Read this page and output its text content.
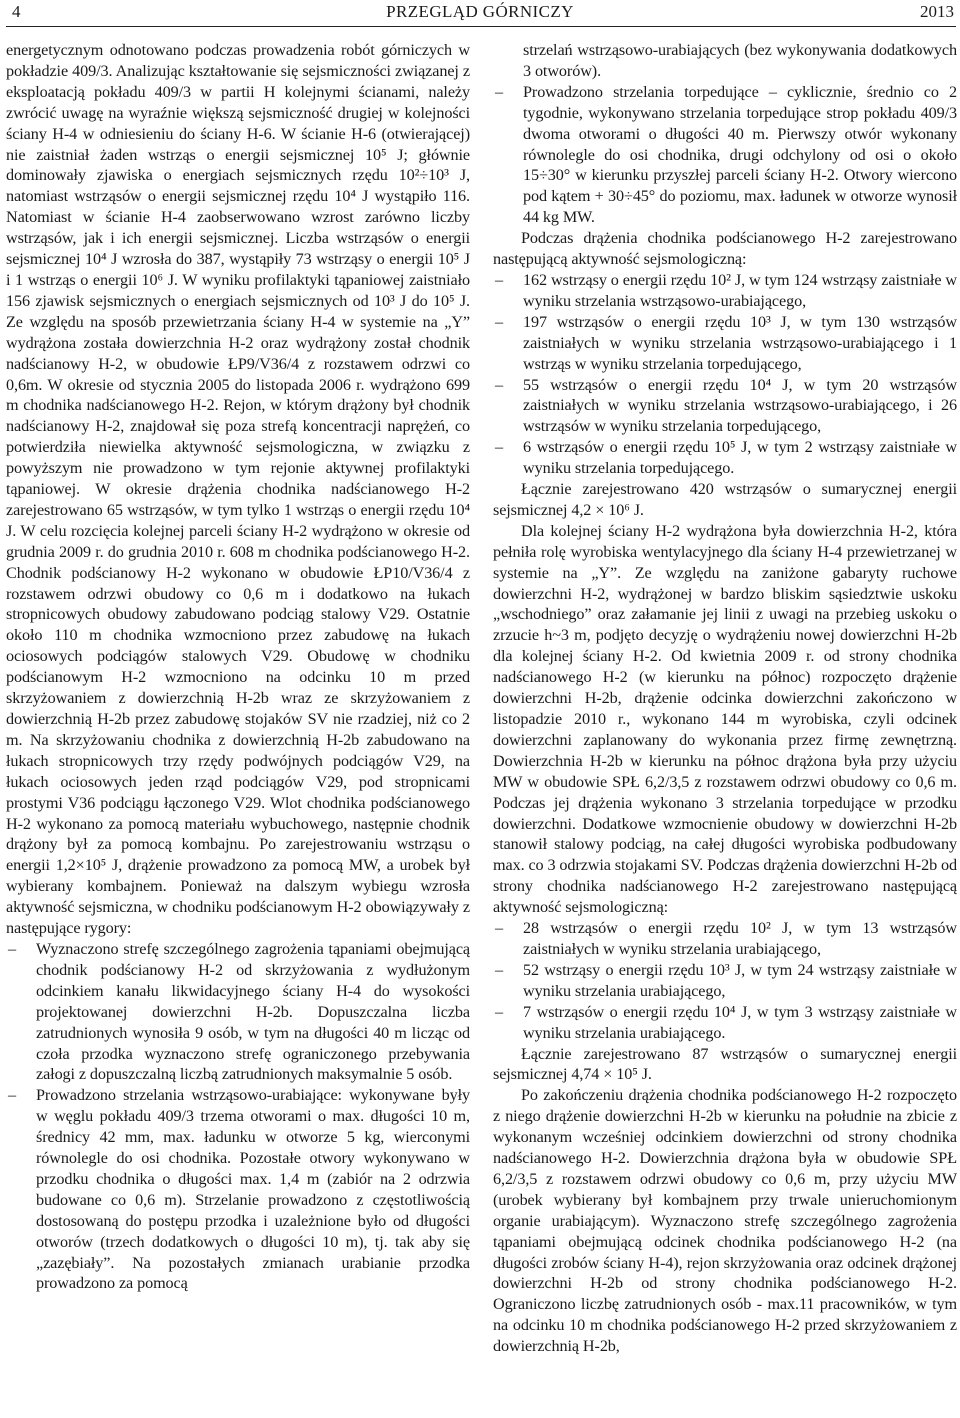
4	PRZEGLĄD GÓRNICZY	2013

energetycznym odnotowano podczas prowadzenia robót górniczych w pokładzie 409/3. Analizując kształtowanie się sejsmiczności związanej z eksploatacją pokładu 409/3 w partii H kolejnymi ścianami, należy zwrócić uwagę na wyraźnie większą sejsmiczność drugiej w kolejności ściany H-4 w odniesieniu do ściany H-6. W ścianie H-6 (otwierającej) nie zaistniał żaden wstrząs o energii sejsmicznej 10⁵ J; głównie dominowały zjawiska o energiach sejsmicznych rzędu 10²÷10³ J, natomiast wstrząsów o energii sejsmicznej rzędu 10⁴ J wystąpiło 116. Natomiast w ścianie H-4 zaobserwowano wzrost zarówno liczby wstrząsów, jak i ich energii sejsmicznej. Liczba wstrząsów o energii sejsmicznej 10⁴ J wzrosła do 387, wystąpiły 73 wstrząsy o energii 10⁵ J i 1 wstrząs o energii 10⁶ J. W wyniku profilaktyki tąpaniowej zaistniało 156 zjawisk sejsmicznych o energiach sejsmicznych od 10³ J do 10⁵ J. Ze względu na sposób przewietrzania ściany H-4 w systemie na „Y” wydrążona została dowierzchnia H-2 oraz wydrążony został chodnik nadścianowy H-2, w obudowie ŁP9/V36/4 z rozstawem odrzwi co 0,6m. W okresie od stycznia 2005 do listopada 2006 r. wydrążono 699 m chodnika nadścianowego H-2. Rejon, w którym drążony był chodnik nadścianowy H-2, znajdował się poza strefą koncentracji naprężeń, co potwierdziła niewielka aktywność sejsmologiczna, w związku z powyższym nie prowadzono w tym rejonie aktywnej profilaktyki tąpaniowej. W okresie drążenia chodnika nadścianowego H-2 zarejestrowano 65 wstrząsów, w tym tylko 1 wstrząs o energii rzędu 10⁴ J. W celu rozcięcia kolejnej parceli ściany H-2 wydrążono w okresie od grudnia 2009 r. do grudnia 2010 r. 608 m chodnika podścianowego H-2. Chodnik podścianowy H-2 wykonano w obudowie ŁP10/V36/4 z rozstawem odrzwi obudowy co 0,6 m i dodatkowo na łukach stropnicowych obudowy zabudowano podciąg stalowy V29. Ostatnie około 110 m chodnika wzmocniono przez zabudowę na łukach ociosowych podciągów stalowych V29. Obudowę w chodniku podścianowym H-2 wzmocniono na odcinku 10 m przed skrzyżowaniem z dowierzchnią H-2b wraz ze skrzyżowaniem z dowierzchnią H-2b przez zabudowę stojaków SV nie rzadziej, niż co 2 m. Na skrzyżowaniu chodnika z dowierzchnią H-2b zabudowano na łukach stropnicowych trzy rzędy podwójnych podciągów V29, na łukach ociosowych jeden rząd podciągów V29, pod stropnicami prostymi V36 podciągu łączonego V29. Wlot chodnika podścianowego H-2 wykonano za pomocą materiału wybuchowego, następnie chodnik drążony był za pomocą kombajnu. Po zarejestrowaniu wstrząsu o energii 1,2×10⁵ J, drążenie prowadzono za pomocą MW, a urobek był wybierany kombajnem. Ponieważ na dalszym wybiegu wzrosła aktywność sejsmiczna, w chodniku podścianowym H-2 obowiązywały z następujące rygory:

– Wyznaczono strefę szczególnego zagrożenia tąpaniami obejmującą chodnik podścianowy H-2 od skrzyżowania z wydłużonym odcinkiem kanału likwidacyjnego ściany H-4 do wysokości projektowanej dowierzchni H-2b. Dopuszczalna liczba zatrudnionych wynosiła 9 osób, w tym na długości 40 m licząc od czoła przodka wyznaczono strefę ograniczonego przebywania załogi z dopuszczalną liczbą zatrudnionych maksymalnie 5 osób.
– Prowadzono strzelania wstrząsowo-urabiające: wykonywane były w węglu pokładu 409/3 trzema otworami o max. długości 10 m, średnicy 42 mm, max. ładunku w otworze 5 kg, wierconymi równolegle do osi chodnika. Pozostałe otwory wykonywano w przodku chodnika o długości max. 1,4 m (zabiór na 2 odrzwia budowane co 0,6 m). Strzelanie prowadzono z częstotliwością dostosowaną do postępu przodka i uzależnione było od długości otworów (trzech dodatkowych o długości 10 m), tj. tak aby się „zazębiały”. Na pozostałych zmianach urabianie przodka prowadzono za pomocą

strzelań wstrząsowo-urabiających (bez wykonywania dodatkowych 3 otworów).

– Prowadzono strzelania torpedujące – cyklicznie, średnio co 2 tygodnie, wykonywano strzelania torpedujące strop pokładu 409/3 dwoma otworami o długości 40 m. Pierwszy otwór wykonany równolegle do osi chodnika, drugi odchylony od osi o około 15÷30° w kierunku przyszłej parceli ściany H-2. Otwory wiercono pod kątem + 30÷45° do poziomu, max. ładunek w otworze wynosił 44 kg MW.

Podczas drążenia chodnika podścianowego H-2 zarejestrowano następującą aktywność sejsmologiczną:

– 162 wstrząsy o energii rzędu 10² J, w tym 124 wstrząsy zaistniałe w wyniku strzelania wstrząsowo-urabiającego,
– 197 wstrząsów o energii rzędu 10³ J, w tym 130 wstrząsów zaistniałych w wyniku strzelania wstrząsowo-urabiającego i 1 wstrząs w wyniku strzelania torpedującego,
– 55 wstrząsów o energii rzędu 10⁴ J, w tym 20 wstrząsów zaistniałych w wyniku strzelania wstrząsowo-urabiającego, i 26 wstrząsów w wyniku strzelania torpedującego,
– 6 wstrząsów o energii rzędu 10⁵ J, w tym 2 wstrząsy zaistniałe w wyniku strzelania torpedującego.

Łącznie zarejestrowano 420 wstrząsów o sumarycznej energii sejsmicznej 4,2 × 10⁶ J.

Dla kolejnej ściany H-2 wydrążona była dowierzchnia H-2, która pełniła rolę wyrobiska wentylacyjnego dla ściany H-4 przewietrzanej w systemie na „Y”. Ze względu na zaniżone gabaryty ruchowe dowierzchni H-2, wydrążonej w bardzo bliskim sąsiedztwie uskoku „wschodniego” oraz załamanie jej linii z uwagi na przebieg uskoku o zrzucie h~3 m, podjęto decyzję o wydrążeniu nowej dowierzchni H-2b dla kolejnej ściany H-2. Od kwietnia 2009 r. od strony chodnika nadścianowego H-2 (w kierunku na północ) rozpoczęto drążenie dowierzchni H-2b, drążenie odcinka dowierzchni zakończono w listopadzie 2010 r., wykonano 144 m wyrobiska, czyli odcinek dowierzchni zaplanowany do wykonania przez firmę zewnętrzną. Dowierzchnia H-2b w kierunku na północ drążona była przy użyciu MW w obudowie SPŁ 6,2/3,5 z rozstawem odrzwi obudowy co 0,6 m. Podczas jej drążenia wykonano 3 strzelania torpedujące w przodku dowierzchni. Dodatkowe wzmocnienie obudowy w dowierzchni H-2b stanowił stalowy podciąg, na całej długości wyrobiska podbudowany max. co 3 odrzwia stojakami SV. Podczas drążenia dowierzchni H-2b od strony chodnika nadścianowego H-2 zarejestrowano następującą aktywność sejsmologiczną:

– 28 wstrząsów o energii rzędu 10² J, w tym 13 wstrząsów zaistniałych w wyniku strzelania urabiającego,
– 52 wstrząsy o energii rzędu 10³ J, w tym 24 wstrząsy zaistniałe w wyniku strzelania urabiającego,
– 7 wstrząsów o energii rzędu 10⁴ J, w tym 3 wstrząsy zaistniałe w wyniku strzelania urabiającego.

Łącznie zarejestrowano 87 wstrząsów o sumarycznej energii sejsmicznej 4,74 × 10⁵ J.

Po zakończeniu drążenia chodnika podścianowego H-2 rozpoczęto z niego drążenie dowierzchni H-2b w kierunku na południe na zbicie z wykonanym wcześniej odcinkiem dowierzchni od strony chodnika nadścianowego H-2. Dowierzchnia drążona była w obudowie SPŁ 6,2/3,5 z rozstawem odrzwi obudowy co 0,6 m, przy użyciu MW (urobek wybierany był kombajnem przy trwale unieruchomionym organie urabiającym). Wyznaczono strefę szczególnego zagrożenia tąpaniami obejmującą odcinek chodnika podścianowego H-2 (na długości zrobów ściany H-4), rejon skrzyżowania oraz odcinek drążonej dowierzchni H-2b od strony chodnika podścianowego H-2. Ograniczono liczbę zatrudnionych osób - max.11 pracowników, w tym na odcinku 10 m chodnika podścianowego H-2 przed skrzyżowaniem z dowierzchnią H-2b,
